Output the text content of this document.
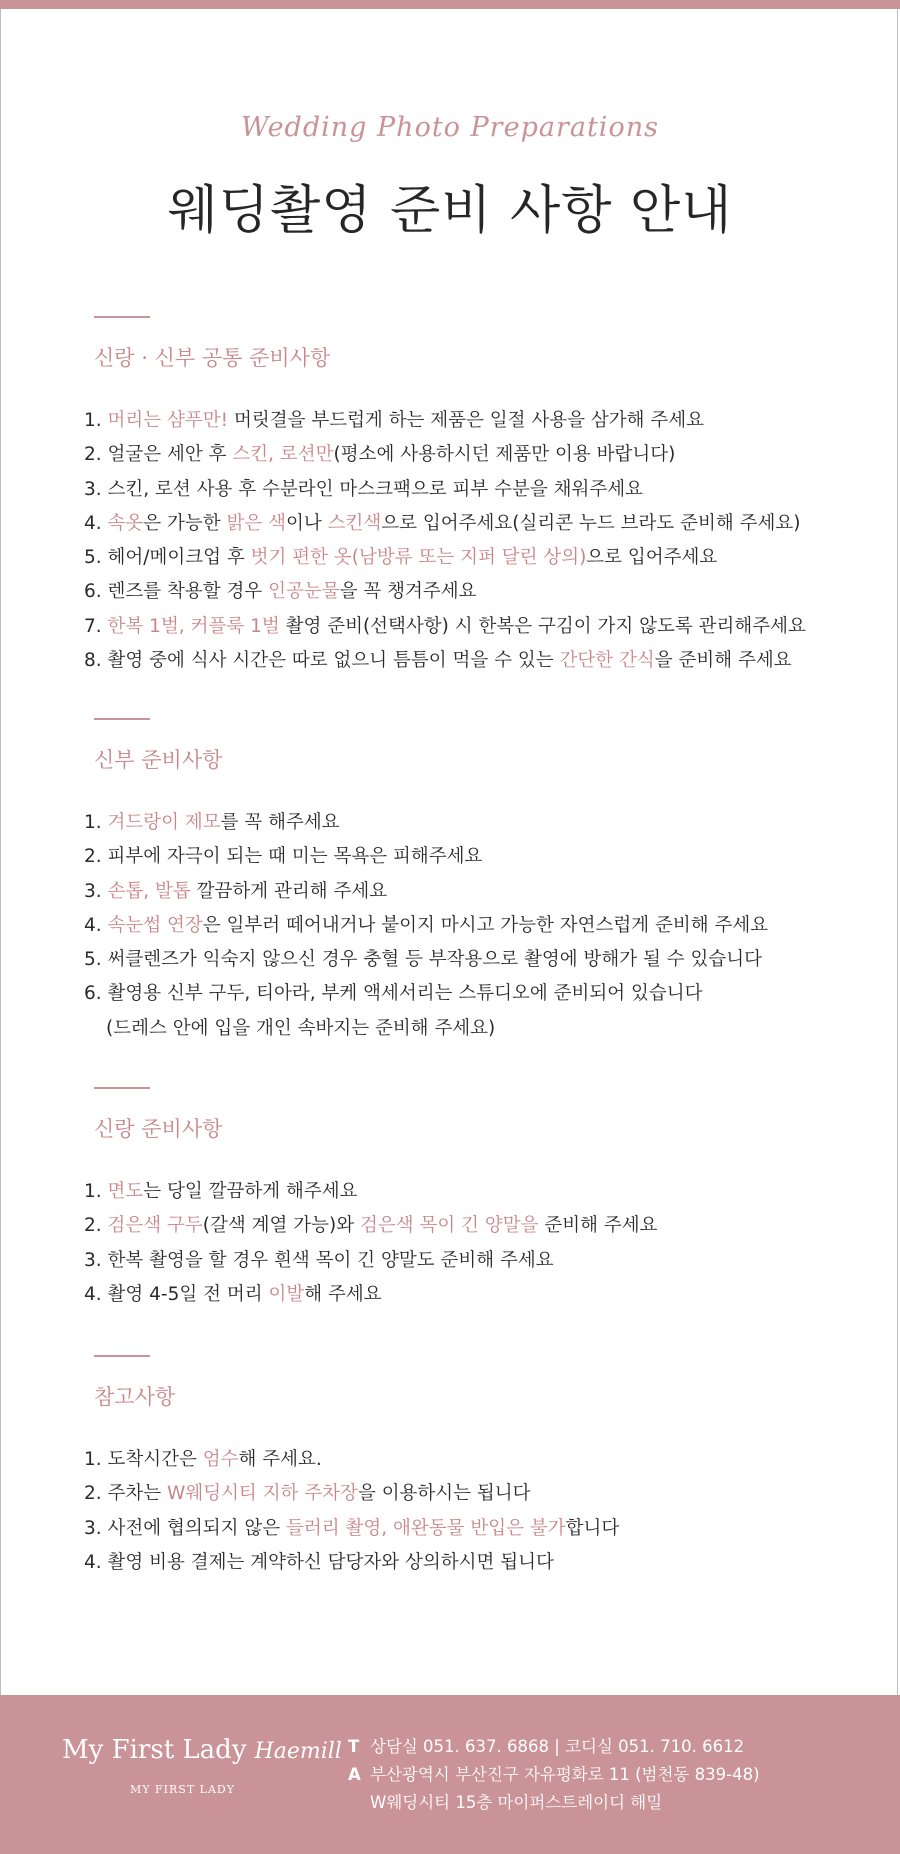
Wedding Photo Preparations
웨딩촬영 준비 사항 안내
신랑 · 신부 공통 준비사항
1. 머리는 샴푸만! 머릿결을 부드럽게 하는 제품은 일절 사용을 삼가해 주세요
2. 얼굴은 세안 후 스킨, 로션만(평소에 사용하시던 제품만 이용 바랍니다)
3. 스킨, 로션 사용 후 수분라인 마스크팩으로 피부 수분을 채워주세요
4. 속옷은 가능한 밝은 색이나 스킨색으로 입어주세요(실리콘 누드 브라도 준비해 주세요)
5. 헤어/메이크업 후 벗기 편한 옷(남방류 또는 지퍼 달린 상의)으로 입어주세요
6. 렌즈를 착용할 경우 인공눈물을 꼭 챙겨주세요
7. 한복 1벌, 커플룩 1벌 촬영 준비(선택사항) 시 한복은 구김이 가지 않도록 관리해주세요
8. 촬영 중에 식사 시간은 따로 없으니 틈틈이 먹을 수 있는 간단한 간식을 준비해 주세요
신부 준비사항
1. 겨드랑이 제모를 꼭 해주세요
2. 피부에 자극이 되는 때 미는 목욕은 피해주세요
3. 손톱, 발톱 깔끔하게 관리해 주세요
4. 속눈썹 연장은 일부러 떼어내거나 붙이지 마시고 가능한 자연스럽게 준비해 주세요
5. 써클렌즈가 익숙지 않으신 경우 충혈 등 부작용으로 촬영에 방해가 될 수 있습니다
6. 촬영용 신부 구두, 티아라, 부케 액세서리는 스튜디오에 준비되어 있습니다
(드레스 안에 입을 개인 속바지는 준비해 주세요)
신랑 준비사항
1. 면도는 당일 깔끔하게 해주세요
2. 검은색 구두(갈색 계열 가능)와 검은색 목이 긴 양말을 준비해 주세요
3. 한복 촬영을 할 경우 흰색 목이 긴 양말도 준비해 주세요
4. 촬영 4-5일 전 머리 이발해 주세요
참고사항
1. 도착시간은 엄수해 주세요.
2. 주차는 W웨딩시티 지하 주차장을 이용하시는 됩니다
3. 사전에 협의되지 않은 들러리 촬영, 애완동물 반입은 불가합니다
4. 촬영 비용 결제는 계약하신 담당자와 상의하시면 됩니다
My First Lady Haemill
MY FIRST LADY
T 상담실 051. 637. 6868 | 코디실 051. 710. 6612
A 부산광역시 부산진구 자유평화로 11 (범천동 839-48)
W웨딩시티 15층 마이퍼스트레이디 해밀
